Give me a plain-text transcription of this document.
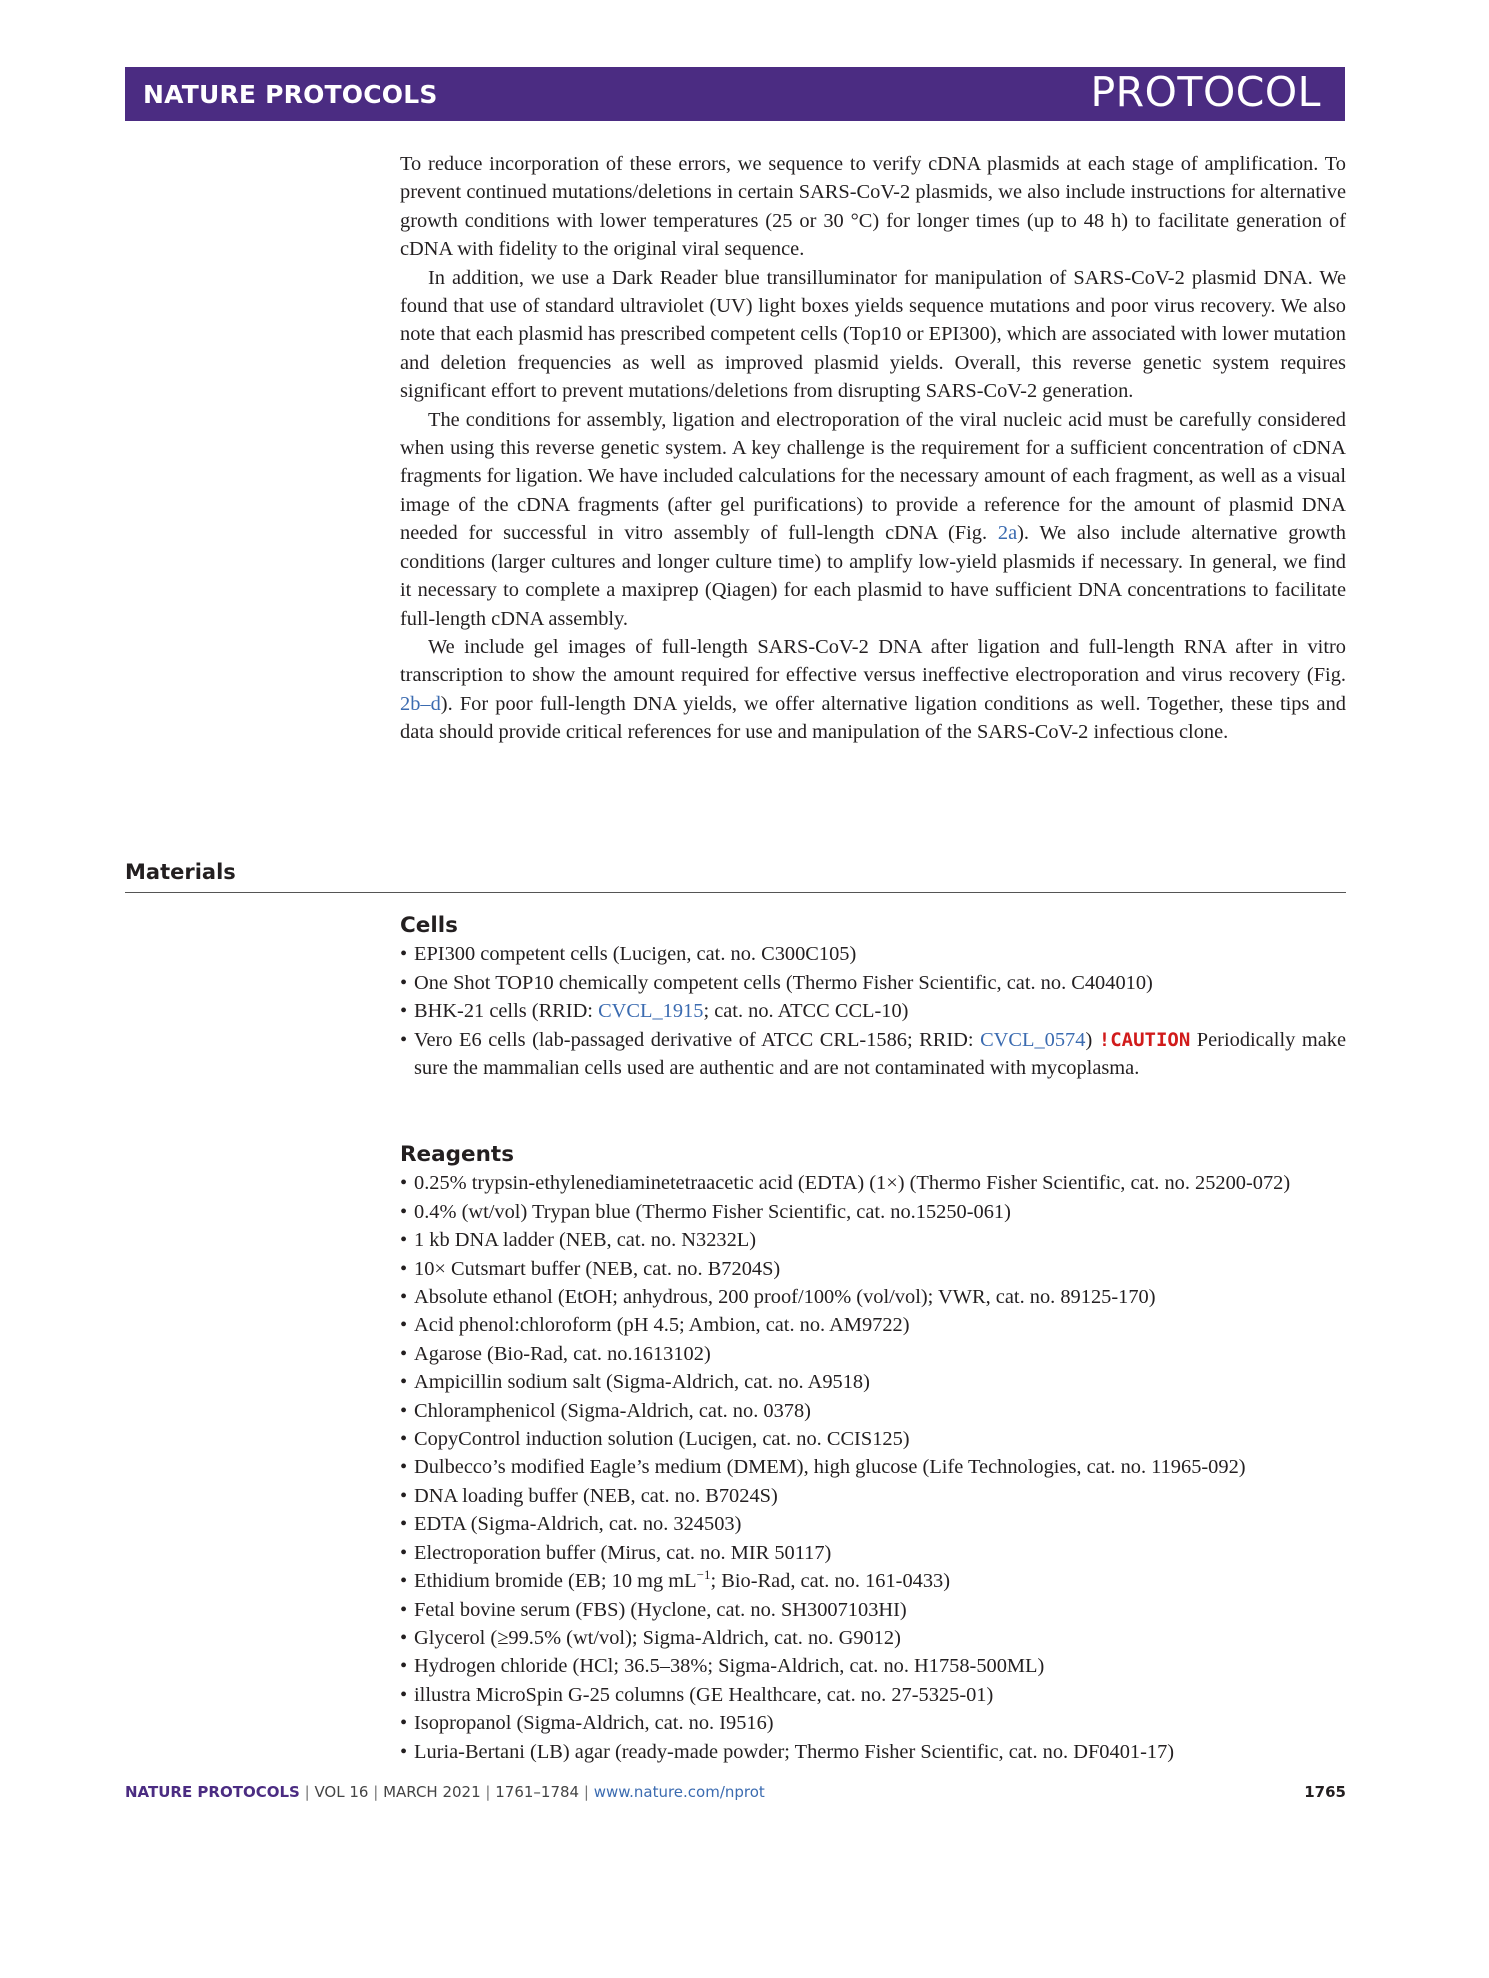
NATURE PROTOCOLS	PROTOCOL

To reduce incorporation of these errors, we sequence to verify cDNA plasmids at each stage of amplification. To prevent continued mutations/deletions in certain SARS-CoV-2 plasmids, we also include instructions for alternative growth conditions with lower temperatures (25 or 30 °C) for longer times (up to 48 h) to facilitate generation of cDNA with fidelity to the original viral sequence.

In addition, we use a Dark Reader blue transilluminator for manipulation of SARS-CoV-2 plasmid DNA. We found that use of standard ultraviolet (UV) light boxes yields sequence mutations and poor virus recovery. We also note that each plasmid has prescribed competent cells (Top10 or EPI300), which are associated with lower mutation and deletion frequencies as well as improved plasmid yields. Overall, this reverse genetic system requires significant effort to prevent mutations/deletions from disrupting SARS-CoV-2 generation.

The conditions for assembly, ligation and electroporation of the viral nucleic acid must be carefully considered when using this reverse genetic system. A key challenge is the requirement for a sufficient concentration of cDNA fragments for ligation. We have included calculations for the necessary amount of each fragment, as well as a visual image of the cDNA fragments (after gel purifications) to provide a reference for the amount of plasmid DNA needed for successful in vitro assembly of full-length cDNA (Fig. 2a). We also include alternative growth conditions (larger cultures and longer culture time) to amplify low-yield plasmids if necessary. In general, we find it necessary to complete a maxiprep (Qiagen) for each plasmid to have sufficient DNA concentrations to facilitate full-length cDNA assembly.

We include gel images of full-length SARS-CoV-2 DNA after ligation and full-length RNA after in vitro transcription to show the amount required for effective versus ineffective electroporation and virus recovery (Fig. 2b–d). For poor full-length DNA yields, we offer alternative ligation conditions as well. Together, these tips and data should provide critical references for use and manipulation of the SARS-CoV-2 infectious clone.

Materials
Cells
• EPI300 competent cells (Lucigen, cat. no. C300C105)
• One Shot TOP10 chemically competent cells (Thermo Fisher Scientific, cat. no. C404010)
• BHK-21 cells (RRID: CVCL_1915; cat. no. ATCC CCL-10)
• Vero E6 cells (lab-passaged derivative of ATCC CRL-1586; RRID: CVCL_0574) !CAUTION Periodically make sure the mammalian cells used are authentic and are not contaminated with mycoplasma.
Reagents
• 0.25% trypsin-ethylenediaminetetraacetic acid (EDTA) (1×) (Thermo Fisher Scientific, cat. no. 25200-072)
• 0.4% (wt/vol) Trypan blue (Thermo Fisher Scientific, cat. no.15250-061)
• 1 kb DNA ladder (NEB, cat. no. N3232L)
• 10× Cutsmart buffer (NEB, cat. no. B7204S)
• Absolute ethanol (EtOH; anhydrous, 200 proof/100% (vol/vol); VWR, cat. no. 89125-170)
• Acid phenol:chloroform (pH 4.5; Ambion, cat. no. AM9722)
• Agarose (Bio-Rad, cat. no.1613102)
• Ampicillin sodium salt (Sigma-Aldrich, cat. no. A9518)
• Chloramphenicol (Sigma-Aldrich, cat. no. 0378)
• CopyControl induction solution (Lucigen, cat. no. CCIS125)
• Dulbecco’s modified Eagle’s medium (DMEM), high glucose (Life Technologies, cat. no. 11965-092)
• DNA loading buffer (NEB, cat. no. B7024S)
• EDTA (Sigma-Aldrich, cat. no. 324503)
• Electroporation buffer (Mirus, cat. no. MIR 50117)
• Ethidium bromide (EB; 10 mg $mL^{-1}$; Bio-Rad, cat. no. 161-0433)
• Fetal bovine serum (FBS) (Hyclone, cat. no. SH3007103HI)
• Glycerol (≥99.5% (wt/vol); Sigma-Aldrich, cat. no. G9012)
• Hydrogen chloride (HCl; 36.5–38%; Sigma-Aldrich, cat. no. H1758-500ML)
• illustra MicroSpin G-25 columns (GE Healthcare, cat. no. 27-5325-01)
• Isopropanol (Sigma-Aldrich, cat. no. I9516)
• Luria-Bertani (LB) agar (ready-made powder; Thermo Fisher Scientific, cat. no. DF0401-17)
NATURE PROTOCOLS | VOL 16 | MARCH 2021 | 1761–1784 | www.nature.com/nprot	1765
